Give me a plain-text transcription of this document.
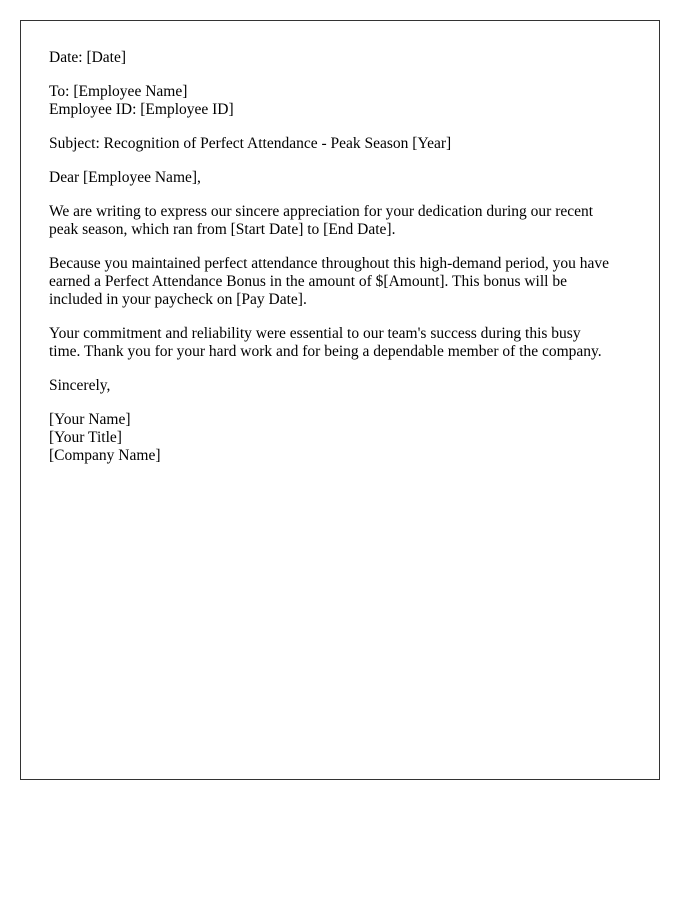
Date: [Date]
To: [Employee Name]
Employee ID: [Employee ID]
Subject: Recognition of Perfect Attendance - Peak Season [Year]
Dear [Employee Name],
We are writing to express our sincere appreciation for your dedication during our recent
peak season, which ran from [Start Date] to [End Date].
Because you maintained perfect attendance throughout this high-demand period, you have
earned a Perfect Attendance Bonus in the amount of $[Amount]. This bonus will be
included in your paycheck on [Pay Date].
Your commitment and reliability were essential to our team's success during this busy
time. Thank you for your hard work and for being a dependable member of the company.
Sincerely,
[Your Name]
[Your Title]
[Company Name]
